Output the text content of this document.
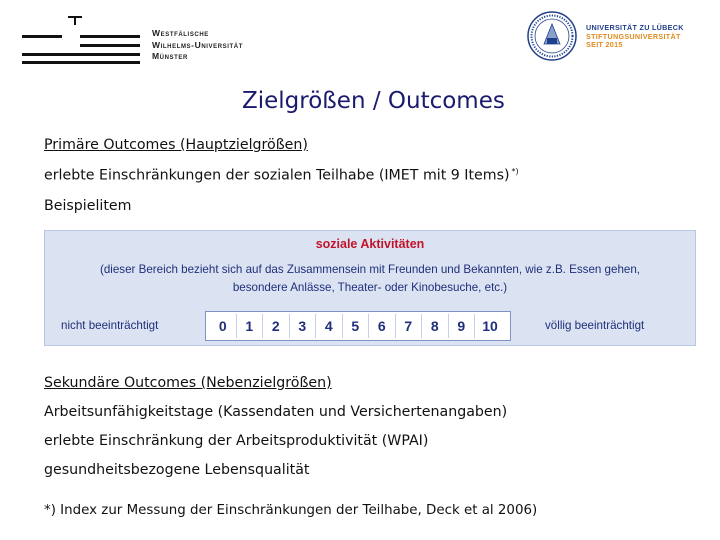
Westfälische
Wilhelms-Universität
Münster
UNIVERSITÄT ZU LÜBECK
STIFTUNGSUNIVERSITÄT
SEIT 2015
Zielgrößen / Outcomes
Primäre Outcomes (Hauptzielgrößen)
erlebte Einschränkungen der sozialen Teilhabe (IMET mit 9 Items) *)
Beispielitem
soziale Aktivitäten
(dieser Bereich bezieht sich auf das Zusammensein mit Freunden und Bekannten, wie z.B. Essen gehen,
besondere Anlässe, Theater- oder Kinobesuche, etc.)
nicht beeinträchtigt	0	1	2	3	4	5	6	7	8	9	10	völlig beeinträchtigt
Sekundäre Outcomes (Nebenzielgrößen)
Arbeitsunfähigkeitstage (Kassendaten und Versichertenangaben)
erlebte Einschränkung der Arbeitsproduktivität (WPAI)
gesundheitsbezogene Lebensqualität
*) Index zur Messung der Einschränkungen der Teilhabe, Deck et al 2006)
